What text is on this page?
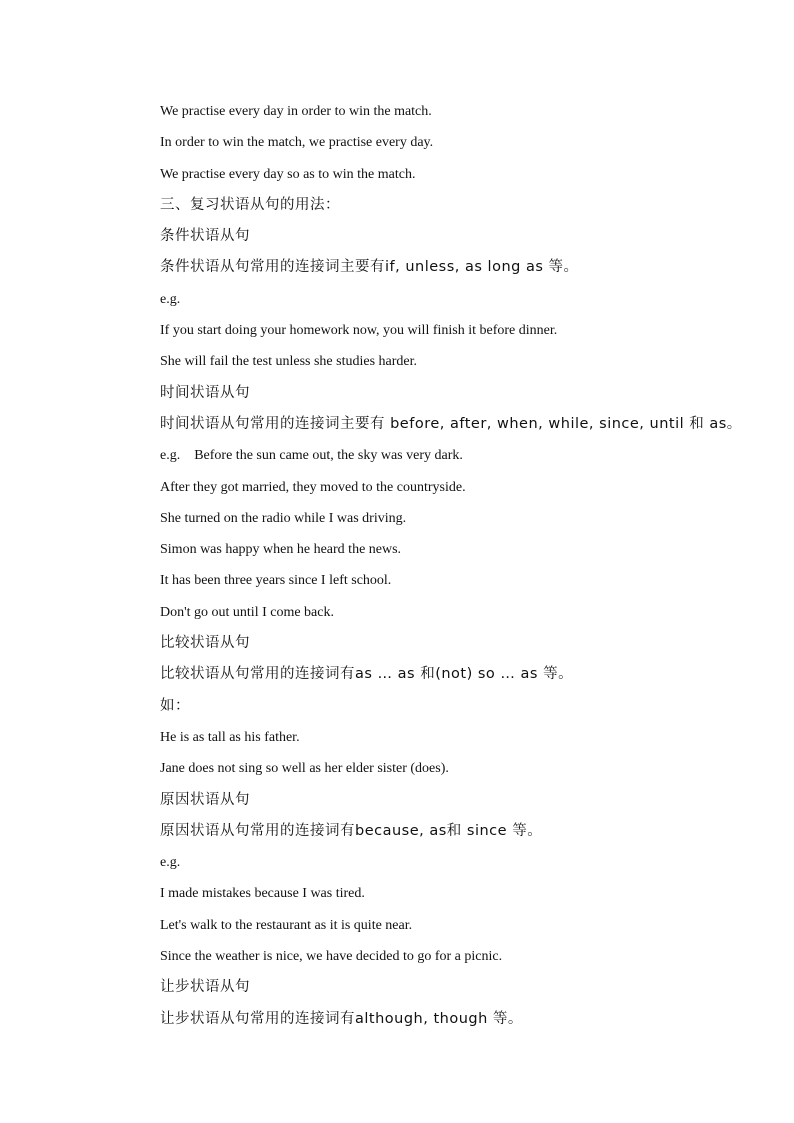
We practise every day in order to win the match.
In order to win the match, we practise every day.
We practise every day so as to win the match.
三、复习状语从句的用法：
条件状语从句
条件状语从句常用的连接词主要有if, unless, as long as 等。
e.g.
If you start doing your homework now, you will finish it before dinner.
She will fail the test unless she studies harder.
时间状语从句
时间状语从句常用的连接词主要有 before, after, when, while, since, until 和 as。
e.g.    Before the sun came out, the sky was very dark.
After they got married, they moved to the countryside.
She turned on the radio while I was driving.
Simon was happy when he heard the news.
It has been three years since I left school.
Don't go out until I come back.
比较状语从句
比较状语从句常用的连接词有as … as 和(not) so … as 等。
如：
He is as tall as his father.
Jane does not sing so well as her elder sister (does).
原因状语从句
原因状语从句常用的连接词有because, as和 since 等。
e.g.
I made mistakes because I was tired.
Let's walk to the restaurant as it is quite near.
Since the weather is nice, we have decided to go for a picnic.
让步状语从句
让步状语从句常用的连接词有although, though 等。
